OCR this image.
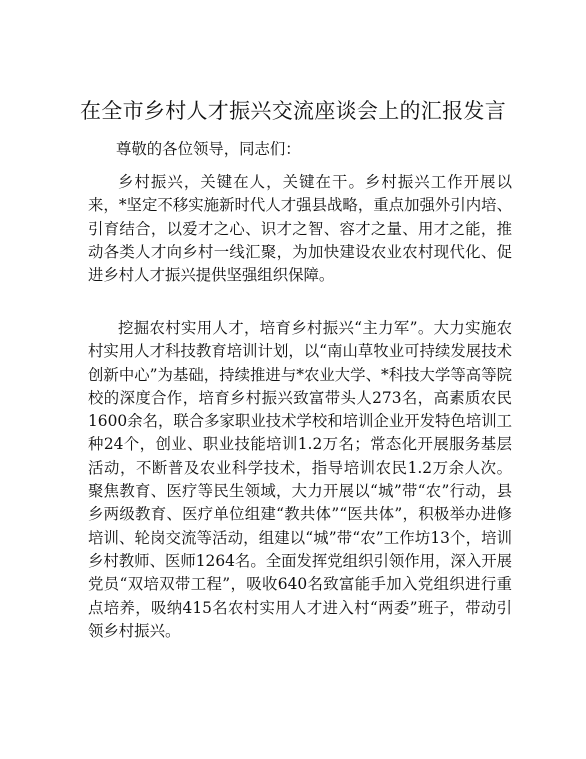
在全市乡村人才振兴交流座谈会上的汇报发言
尊敬的各位领导，同志们：

乡村振兴，关键在人，关键在干。乡村振兴工作开展以来，*坚定不移实施新时代人才强县战略，重点加强外引内培、引育结合，以爱才之心、识才之智、容才之量、用才之能，推动各类人才向乡村一线汇聚，为加快建设农业农村现代化、促进乡村人才振兴提供坚强组织保障。

挖掘农村实用人才，培育乡村振兴“主力军”。大力实施农村实用人才科技教育培训计划，以“南山草牧业可持续发展技术创新中心”为基础，持续推进与*农业大学、*科技大学等高等院校的深度合作，培育乡村振兴致富带头人273名，高素质农民1600余名，联合多家职业技术学校和培训企业开发特色培训工种24个，创业、职业技能培训1.2万名；常态化开展服务基层活动，不断普及农业科学技术，指导培训农民1.2万余人次。聚焦教育、医疗等民生领域，大力开展以“城”带“农”行动，县乡两级教育、医疗单位组建“教共体”“医共体”，积极举办进修培训、轮岗交流等活动，组建以“城”带“农”工作坊13个，培训乡村教师、医师1264名。全面发挥党组织引领作用，深入开展党员“双培双带工程”，吸收640名致富能手加入党组织进行重点培养，吸纳415名农村实用人才进入村“两委”班子，带动引领乡村振兴。
